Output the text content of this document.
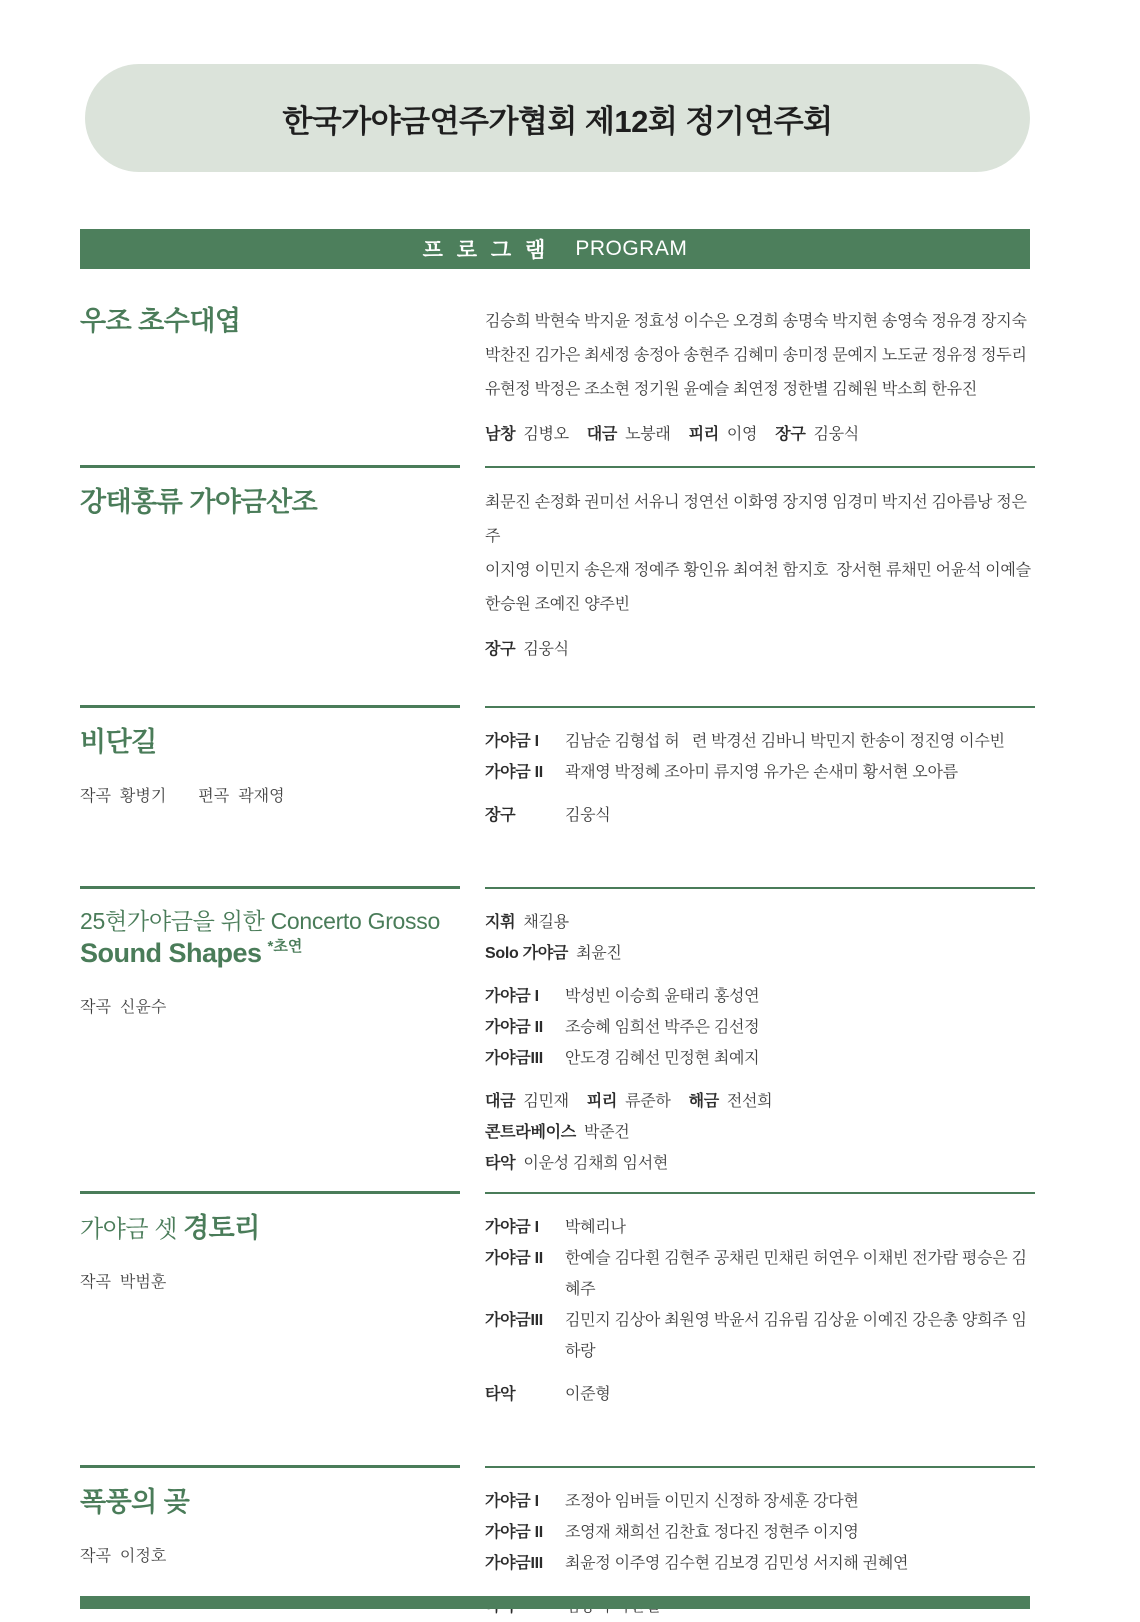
한국가야금연주가협회 제12회 정기연주회
프 로 그 램 PROGRAM
우조 초수대엽	김승희 박현숙 박지윤 정효성 이수은 오경희 송명숙 박지현 송영숙 정유경 장지숙
박찬진 김가은 최세정 송정아 송현주 김혜미 송미정 문예지 노도균 정유정 정두리
유현정 박정은 조소현 정기원 윤예슬 최연정 정한별 김혜원 박소희 한유진
남창 김병오 대금 노붕래 피리 이영 장구 김웅식
강태홍류 가야금산조	최문진 손정화 권미선 서유니 정연선 이화영 장지영 임경미 박지선 김아름낭 정은주
이지영 이민지 송은재 정예주 황인유 최여천 함지호  장서현 류채민 어윤석 이예슬
한승원 조예진 양주빈
장구 김웅식
비단길
작곡 황병기 편곡 곽재영
가야금 I	김남순 김형섭 허   련 박경선 김바니 박민지 한송이 정진영 이수빈
가야금 II	곽재영 박정혜 조아미 류지영 유가은 손새미 황서현 오아름
장구	김웅식
25현가야금을 위한 Concerto Grosso
Sound Shapes $^{*초연}$
작곡 신윤수
지휘 채길용
Solo 가야금 최윤진
가야금 I	박성빈 이승희 윤태리 홍성연
가야금 II	조승혜 임희선 박주은 김선정
가야금III	안도경 김혜선 민정현 최예지
대금 김민재 피리 류준하 해금 전선희
콘트라베이스 박준건
타악 이운성 김채희 임서현
가야금 셋 경토리
작곡 박범훈
가야금 I	박혜리나
가야금 II	한예슬 김다흰 김현주 공채린 민채린 허연우 이채빈 전가람 평승은 김혜주
가야금III	김민지 김상아 최원영 박윤서 김유림 김상윤 이예진 강은총 양희주 임하랑
타악	이준형
폭풍의 곶
작곡 이정호
가야금 I	조정아 임버들 이민지 신정하 장세훈 강다현
가야금 II	조영재 채희선 김찬효 정다진 정현주 이지영
가야금III	최윤정 이주영 김수현 김보경 김민성 서지해 권혜연
